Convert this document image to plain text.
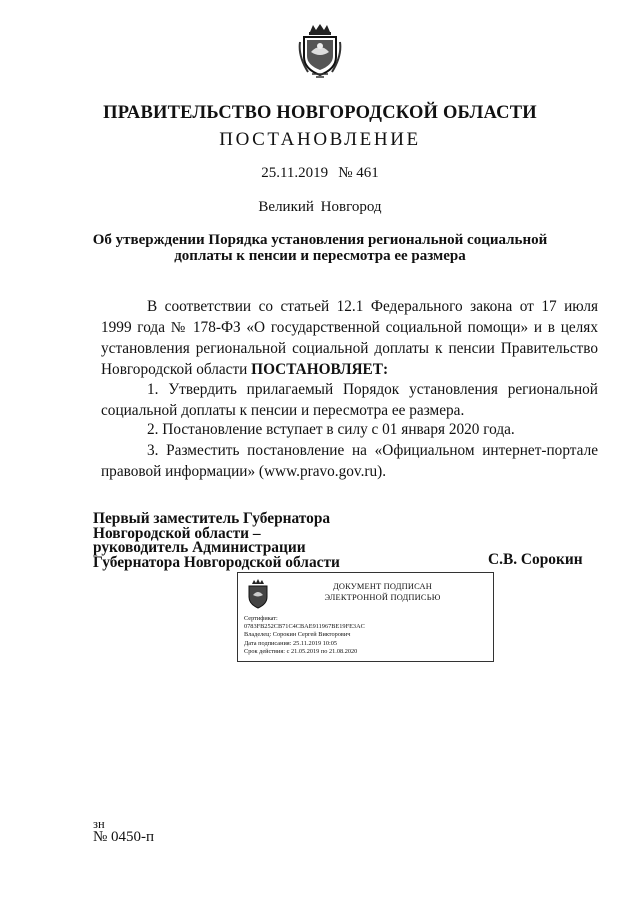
ПРАВИТЕЛЬСТВО НОВГОРОДСКОЙ ОБЛАСТИ
ПОСТАНОВЛЕНИЕ
25.11.2019 № 461
Великий Новгород
Об утверждении Порядка установления региональной социальной
доплаты к пенсии и пересмотра ее размера

В соответствии со статьей 12.1 Федерального закона от 17 июля 1999 года № 178-ФЗ «О государственной социальной помощи» и в целях установления региональной социальной доплаты к пенсии Правительство Новгородской области ПОСТАНОВЛЯЕТ:

1. Утвердить прилагаемый Порядок установления региональной социальной доплаты к пенсии и пересмотра ее размера.

2. Постановление вступает в силу с 01 января 2020 года.

3. Разместить постановление на «Официальном интернет-портале правовой информации» (www.pravo.gov.ru).

Первый заместитель Губернатора
Новгородской области –
руководитель Администрации
Губернатора Новгородской области	С.В. Сорокин
ДОКУМЕНТ ПОДПИСАН
ЭЛЕКТРОННОЙ ПОДПИСЬЮ
Сертификат:
0783FB252CB71C4CBAE911967BE19FE3AC
Владелец: Сорокин Сергей Викторович
Дата подписания: 25.11.2019 10:05
Срок действия: с 21.05.2019 по 21.08.2020
зн
№ 0450-п
